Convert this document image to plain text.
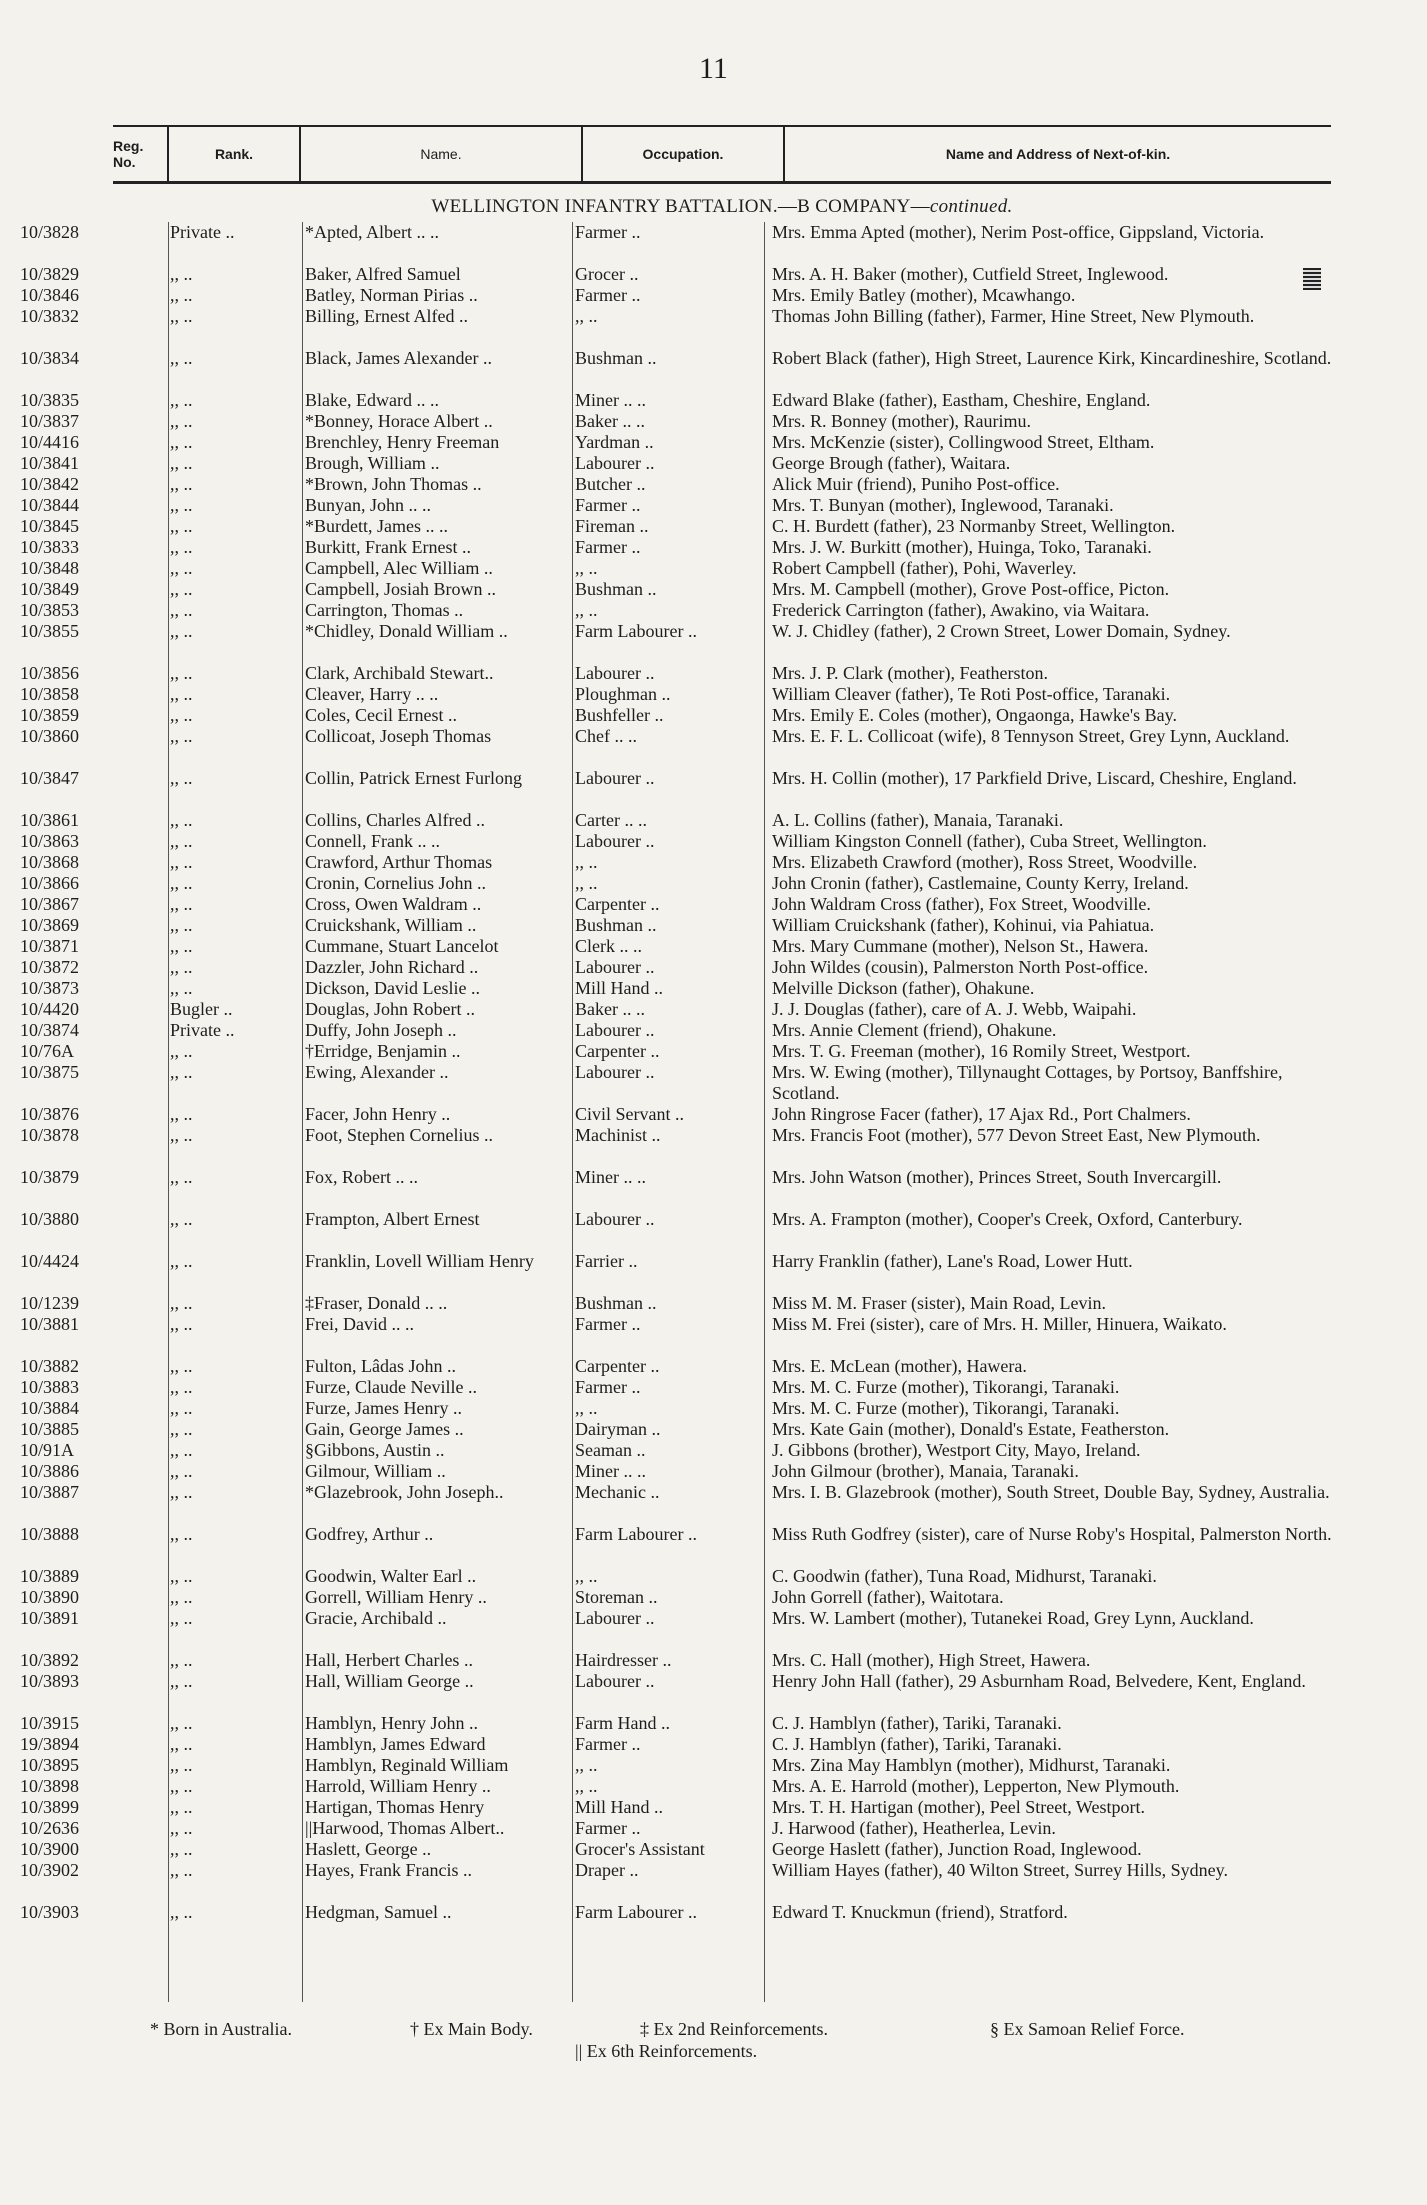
11
Reg. No.	Rank.	Name.	Occupation.	Name and Address of Next-of-kin.
WELLINGTON INFANTRY BATTALION.—B COMPANY—continued.
10/3828	Private ..	*Apted, Albert .. ..	Farmer ..	Mrs. Emma Apted (mother), Nerim Post-office, Gippsland, Victoria.
10/3829	,, ..	Baker, Alfred Samuel	Grocer ..	Mrs. A. H. Baker (mother), Cutfield Street, Inglewood.
10/3846	,, ..	Batley, Norman Pirias ..	Farmer ..	Mrs. Emily Batley (mother), Mcawhango.
10/3832	,, ..	Billing, Ernest Alfed ..	,, ..	Thomas John Billing (father), Farmer, Hine Street, New Plymouth.
10/3834	,, ..	Black, James Alexander ..	Bushman ..	Robert Black (father), High Street, Laurence Kirk, Kincardineshire, Scotland.
10/3835	,, ..	Blake, Edward .. ..	Miner .. ..	Edward Blake (father), Eastham, Cheshire, England.
10/3837	,, ..	*Bonney, Horace Albert ..	Baker .. ..	Mrs. R. Bonney (mother), Raurimu.
10/4416	,, ..	Brenchley, Henry Freeman	Yardman ..	Mrs. McKenzie (sister), Collingwood Street, Eltham.
10/3841	,, ..	Brough, William ..	Labourer ..	George Brough (father), Waitara.
10/3842	,, ..	*Brown, John Thomas ..	Butcher ..	Alick Muir (friend), Puniho Post-office.
10/3844	,, ..	Bunyan, John .. ..	Farmer ..	Mrs. T. Bunyan (mother), Inglewood, Taranaki.
10/3845	,, ..	*Burdett, James .. ..	Fireman ..	C. H. Burdett (father), 23 Normanby Street, Wellington.
10/3833	,, ..	Burkitt, Frank Ernest ..	Farmer ..	Mrs. J. W. Burkitt (mother), Huinga, Toko, Taranaki.
10/3848	,, ..	Campbell, Alec William ..	,, ..	Robert Campbell (father), Pohi, Waverley.
10/3849	,, ..	Campbell, Josiah Brown ..	Bushman ..	Mrs. M. Campbell (mother), Grove Post-office, Picton.
10/3853	,, ..	Carrington, Thomas ..	,, ..	Frederick Carrington (father), Awakino, via Waitara.
10/3855	,, ..	*Chidley, Donald William ..	Farm Labourer ..	W. J. Chidley (father), 2 Crown Street, Lower Domain, Sydney.
10/3856	,, ..	Clark, Archibald Stewart..	Labourer ..	Mrs. J. P. Clark (mother), Featherston.
10/3858	,, ..	Cleaver, Harry .. ..	Ploughman ..	William Cleaver (father), Te Roti Post-office, Taranaki.
10/3859	,, ..	Coles, Cecil Ernest ..	Bushfeller ..	Mrs. Emily E. Coles (mother), Ongaonga, Hawke's Bay.
10/3860	,, ..	Collicoat, Joseph Thomas	Chef .. ..	Mrs. E. F. L. Collicoat (wife), 8 Tennyson Street, Grey Lynn, Auckland.
10/3847	,, ..	Collin, Patrick Ernest Furlong	Labourer ..	Mrs. H. Collin (mother), 17 Parkfield Drive, Liscard, Cheshire, England.
10/3861	,, ..	Collins, Charles Alfred ..	Carter .. ..	A. L. Collins (father), Manaia, Taranaki.
10/3863	,, ..	Connell, Frank .. ..	Labourer ..	William Kingston Connell (father), Cuba Street, Wellington.
10/3868	,, ..	Crawford, Arthur Thomas	,, ..	Mrs. Elizabeth Crawford (mother), Ross Street, Woodville.
10/3866	,, ..	Cronin, Cornelius John ..	,, ..	John Cronin (father), Castlemaine, County Kerry, Ireland.
10/3867	,, ..	Cross, Owen Waldram ..	Carpenter ..	John Waldram Cross (father), Fox Street, Woodville.
10/3869	,, ..	Cruickshank, William ..	Bushman ..	William Cruickshank (father), Kohinui, via Pahiatua.
10/3871	,, ..	Cummane, Stuart Lancelot	Clerk .. ..	Mrs. Mary Cummane (mother), Nelson St., Hawera.
10/3872	,, ..	Dazzler, John Richard ..	Labourer ..	John Wildes (cousin), Palmerston North Post-office.
10/3873	,, ..	Dickson, David Leslie ..	Mill Hand ..	Melville Dickson (father), Ohakune.
10/4420	Bugler ..	Douglas, John Robert ..	Baker .. ..	J. J. Douglas (father), care of A. J. Webb, Waipahi.
10/3874	Private ..	Duffy, John Joseph ..	Labourer ..	Mrs. Annie Clement (friend), Ohakune.
10/76A	,, ..	†Erridge, Benjamin ..	Carpenter ..	Mrs. T. G. Freeman (mother), 16 Romily Street, Westport.
10/3875	,, ..	Ewing, Alexander ..	Labourer ..	Mrs. W. Ewing (mother), Tillynaught Cottages, by Portsoy, Banffshire, Scotland.
10/3876	,, ..	Facer, John Henry ..	Civil Servant ..	John Ringrose Facer (father), 17 Ajax Rd., Port Chalmers.
10/3878	,, ..	Foot, Stephen Cornelius ..	Machinist ..	Mrs. Francis Foot (mother), 577 Devon Street East, New Plymouth.
10/3879	,, ..	Fox, Robert .. ..	Miner .. ..	Mrs. John Watson (mother), Princes Street, South Invercargill.
10/3880	,, ..	Frampton, Albert Ernest	Labourer ..	Mrs. A. Frampton (mother), Cooper's Creek, Oxford, Canterbury.
10/4424	,, ..	Franklin, Lovell William Henry	Farrier ..	Harry Franklin (father), Lane's Road, Lower Hutt.
10/1239	,, ..	‡Fraser, Donald .. ..	Bushman ..	Miss M. M. Fraser (sister), Main Road, Levin.
10/3881	,, ..	Frei, David .. ..	Farmer ..	Miss M. Frei (sister), care of Mrs. H. Miller, Hinuera, Waikato.
10/3882	,, ..	Fulton, Lâdas John ..	Carpenter ..	Mrs. E. McLean (mother), Hawera.
10/3883	,, ..	Furze, Claude Neville ..	Farmer ..	Mrs. M. C. Furze (mother), Tikorangi, Taranaki.
10/3884	,, ..	Furze, James Henry ..	,, ..	Mrs. M. C. Furze (mother), Tikorangi, Taranaki.
10/3885	,, ..	Gain, George James ..	Dairyman ..	Mrs. Kate Gain (mother), Donald's Estate, Featherston.
10/91A	,, ..	§Gibbons, Austin ..	Seaman ..	J. Gibbons (brother), Westport City, Mayo, Ireland.
10/3886	,, ..	Gilmour, William ..	Miner .. ..	John Gilmour (brother), Manaia, Taranaki.
10/3887	,, ..	*Glazebrook, John Joseph..	Mechanic ..	Mrs. I. B. Glazebrook (mother), South Street, Double Bay, Sydney, Australia.
10/3888	,, ..	Godfrey, Arthur ..	Farm Labourer ..	Miss Ruth Godfrey (sister), care of Nurse Roby's Hospital, Palmerston North.
10/3889	,, ..	Goodwin, Walter Earl ..	,, ..	C. Goodwin (father), Tuna Road, Midhurst, Taranaki.
10/3890	,, ..	Gorrell, William Henry ..	Storeman ..	John Gorrell (father), Waitotara.
10/3891	,, ..	Gracie, Archibald ..	Labourer ..	Mrs. W. Lambert (mother), Tutanekei Road, Grey Lynn, Auckland.
10/3892	,, ..	Hall, Herbert Charles ..	Hairdresser ..	Mrs. C. Hall (mother), High Street, Hawera.
10/3893	,, ..	Hall, William George ..	Labourer ..	Henry John Hall (father), 29 Asburnham Road, Belvedere, Kent, England.
10/3915	,, ..	Hamblyn, Henry John ..	Farm Hand ..	C. J. Hamblyn (father), Tariki, Taranaki.
19/3894	,, ..	Hamblyn, James Edward	Farmer ..	C. J. Hamblyn (father), Tariki, Taranaki.
10/3895	,, ..	Hamblyn, Reginald William	,, ..	Mrs. Zina May Hamblyn (mother), Midhurst, Taranaki.
10/3898	,, ..	Harrold, William Henry ..	,, ..	Mrs. A. E. Harrold (mother), Lepperton, New Plymouth.
10/3899	,, ..	Hartigan, Thomas Henry	Mill Hand ..	Mrs. T. H. Hartigan (mother), Peel Street, Westport.
10/2636	,, ..	||Harwood, Thomas Albert..	Farmer ..	J. Harwood (father), Heatherlea, Levin.
10/3900	,, ..	Haslett, George ..	Grocer's Assistant	George Haslett (father), Junction Road, Inglewood.
10/3902	,, ..	Hayes, Frank Francis ..	Draper ..	William Hayes (father), 40 Wilton Street, Surrey Hills, Sydney.
10/3903	,, ..	Hedgman, Samuel ..	Farm Labourer ..	Edward T. Knuckmun (friend), Stratford.
* Born in Australia.	† Ex Main Body.	‡ Ex 2nd Reinforcements.	§ Ex Samoan Relief Force.
|| Ex 6th Reinforcements.
